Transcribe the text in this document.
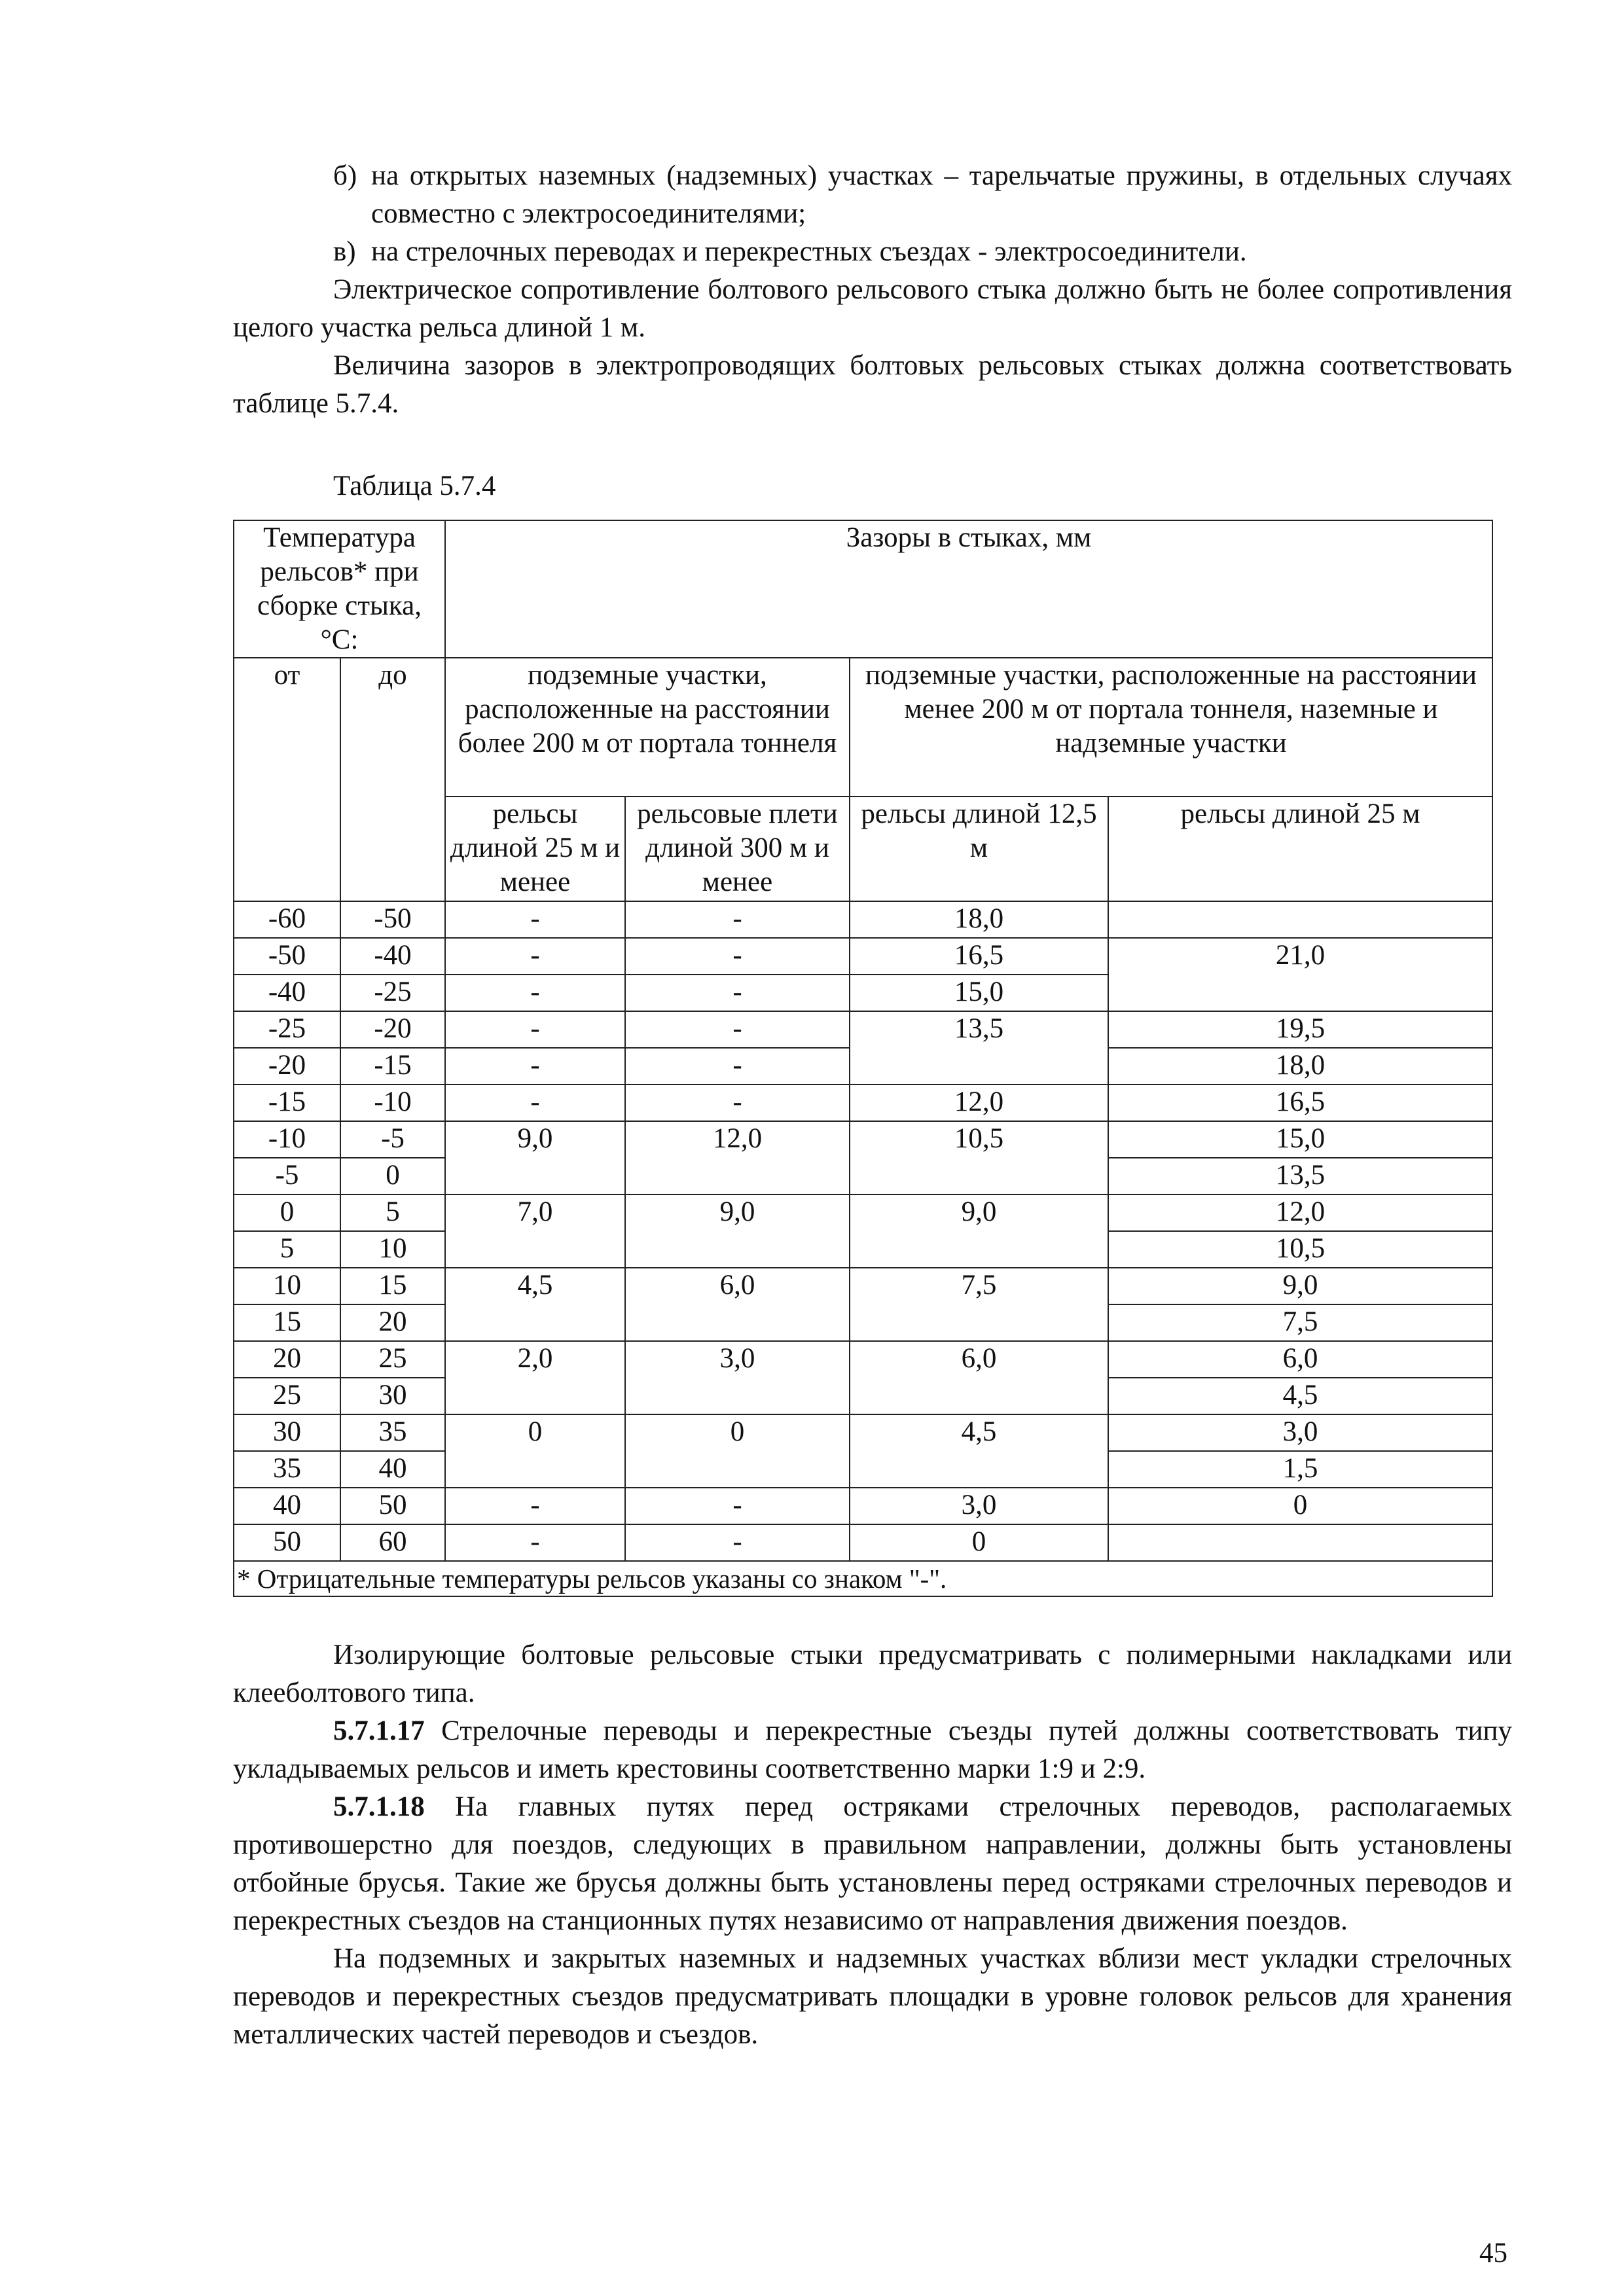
б) на открытых наземных (надземных) участках – тарельчатые пружины, в отдельных случаях совместно с электросоединителями;
в) на стрелочных переводах и перекрестных съездах - электросоединители.

Электрическое сопротивление болтового рельсового стыка должно быть не более сопротивления целого участка рельса длиной 1 м.

Величина зазоров в электропроводящих болтовых рельсовых стыках должна соответствовать таблице 5.7.4.

Таблица 5.7.4
Температура рельсов* при сборке стыка, °С:		Зазоры в стыках, мм			
от	до	подземные участки, расположенные на расстоянии более 200 м от портала тоннеля		подземные участки, расположенные на расстоянии менее 200 м от портала тоннеля, наземные и надземные участки	
		рельсы длиной 25 м и менее	рельсовые плети длиной 300 м и менее	рельсы длиной 12,5 м	рельсы длиной 25 м
-60	-50	-	-	18,0	
-50	-40	-	-	16,5	21,0
-40	-25	-	-	15,0	
-25	-20	-	-	13,5	19,5
-20	-15	-	-		18,0
-15	-10	-	-	12,0	16,5
-10	-5	9,0	12,0	10,5	15,0
-5	0				13,5
0	5	7,0	9,0	9,0	12,0
5	10				10,5
10	15	4,5	6,0	7,5	9,0
15	20				7,5
20	25	2,0	3,0	6,0	6,0
25	30				4,5
30	35	0	0	4,5	3,0
35	40				1,5
40	50	-	-	3,0	0
50	60	-	-	0	
* Отрицательные температуры рельсов указаны со знаком "-".					

Изолирующие болтовые рельсовые стыки предусматривать с полимерными накладками или клееболтового типа.

5.7.1.17 Стрелочные переводы и перекрестные съезды путей должны соответствовать типу укладываемых рельсов и иметь крестовины соответственно марки 1:9 и 2:9.

5.7.1.18 На главных путях перед остряками стрелочных переводов, располагаемых противошерстно для поездов, следующих в правильном направлении, должны быть установлены отбойные брусья. Такие же брусья должны быть установлены перед остряками стрелочных переводов и перекрестных съездов на станционных путях независимо от направления движения поездов.

На подземных и закрытых наземных и надземных участках вблизи мест укладки стрелочных переводов и перекрестных съездов предусматривать площадки в уровне головок рельсов для хранения металлических частей переводов и съездов.

45
